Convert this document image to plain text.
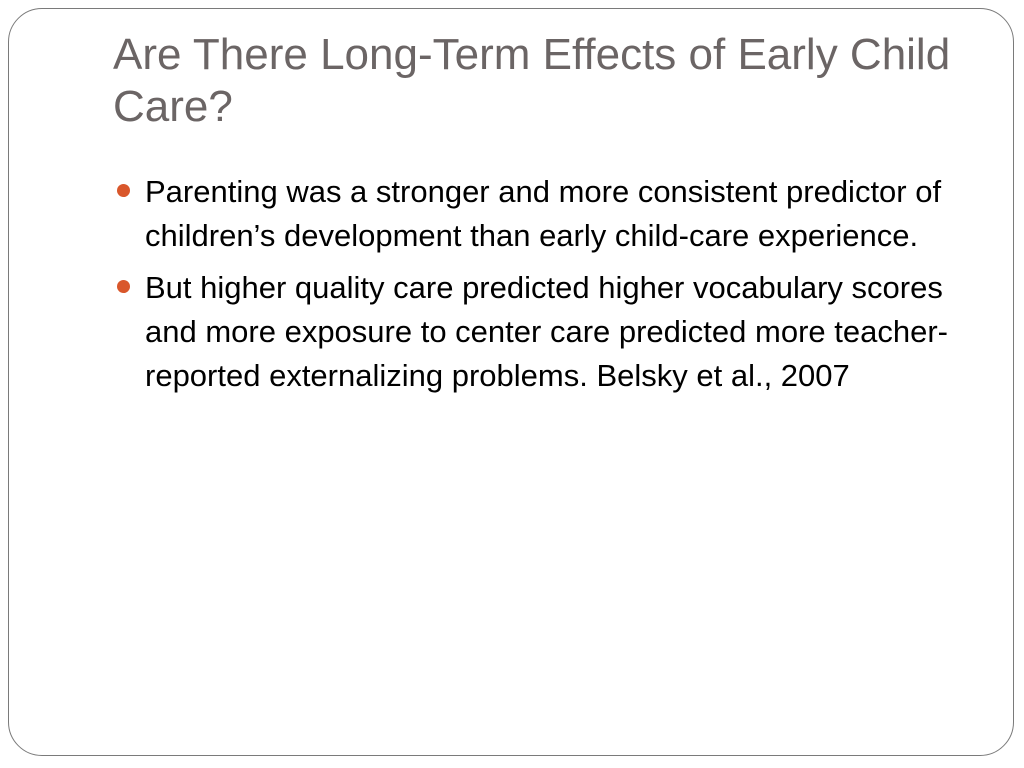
Are There Long-Term Effects of Early Child Care?
Parenting was a stronger and more consistent predictor of children’s development than early child-care experience.
But higher quality care predicted higher vocabulary scores and more exposure to center care predicted more teacher-reported externalizing problems. Belsky et al., 2007
